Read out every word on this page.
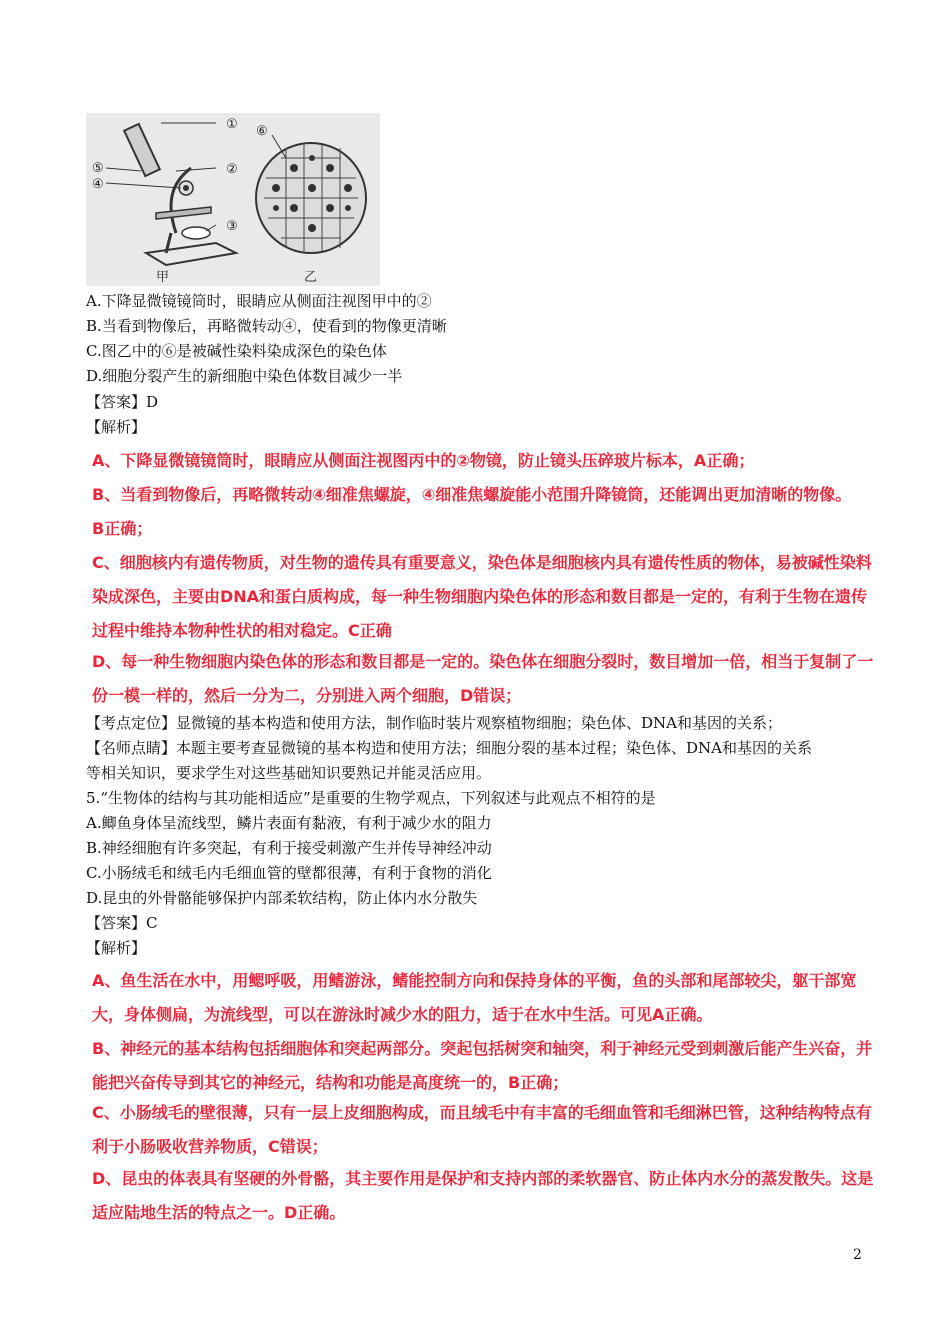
①
②
③
④
⑤
甲
⑥
乙
A.下降显微镜镜筒时，眼睛应从侧面注视图甲中的②
B.当看到物像后，再略微转动④，使看到的物像更清晰
C.图乙中的⑥是被碱性染料染成深色的染色体
D.细胞分裂产生的新细胞中染色体数目减少一半
【答案】D
【解析】
A、下降显微镜镜筒时，眼睛应从侧面注视图丙中的②物镜，防止镜头压碎玻片标本，A正确；
B、当看到物像后，再略微转动④细准焦螺旋，④细准焦螺旋能小范围升降镜筒，还能调出更加清晰的物像。
B正确；
C、细胞核内有遗传物质，对生物的遗传具有重要意义，染色体是细胞核内具有遗传性质的物体，易被碱性染料染成深色，主要由DNA和蛋白质构成，每一种生物细胞内染色体的形态和数目都是一定的，有利于生物在遗传过程中维持本物种性状的相对稳定。C正确
D、每一种生物细胞内染色体的形态和数目都是一定的。染色体在细胞分裂时，数目增加一倍，相当于复制了一份一模一样的，然后一分为二，分别进入两个细胞，D错误；
【考点定位】显微镜的基本构造和使用方法，制作临时装片观察植物细胞；染色体、DNA和基因的关系；
【名师点睛】本题主要考查显微镜的基本构造和使用方法；细胞分裂的基本过程；染色体、DNA和基因的关系
等相关知识，要求学生对这些基础知识要熟记并能灵活应用。
5.“生物体的结构与其功能相适应”是重要的生物学观点，下列叙述与此观点不相符的是
A.鲫鱼身体呈流线型，鳞片表面有黏液，有利于减少水的阻力
B.神经细胞有许多突起，有利于接受刺激产生并传导神经冲动
C.小肠绒毛和绒毛内毛细血管的壁都很薄，有利于食物的消化
D.昆虫的外骨骼能够保护内部柔软结构，防止体内水分散失
【答案】C
【解析】
A、鱼生活在水中，用鳃呼吸，用鳍游泳，鳍能控制方向和保持身体的平衡，鱼的头部和尾部较尖，躯干部宽大，身体侧扁，为流线型，可以在游泳时减少水的阻力，适于在水中生活。可见A正确。
B、神经元的基本结构包括细胞体和突起两部分。突起包括树突和轴突，利于神经元受到刺激后能产生兴奋，并能把兴奋传导到其它的神经元，结构和功能是高度统一的，B正确；
C、小肠绒毛的壁很薄，只有一层上皮细胞构成，而且绒毛中有丰富的毛细血管和毛细淋巴管，这种结构特点有利于小肠吸收营养物质，C错误；
D、昆虫的体表具有坚硬的外骨骼，其主要作用是保护和支持内部的柔软器官、防止体内水分的蒸发散失。这是适应陆地生活的特点之一。D正确。
2
